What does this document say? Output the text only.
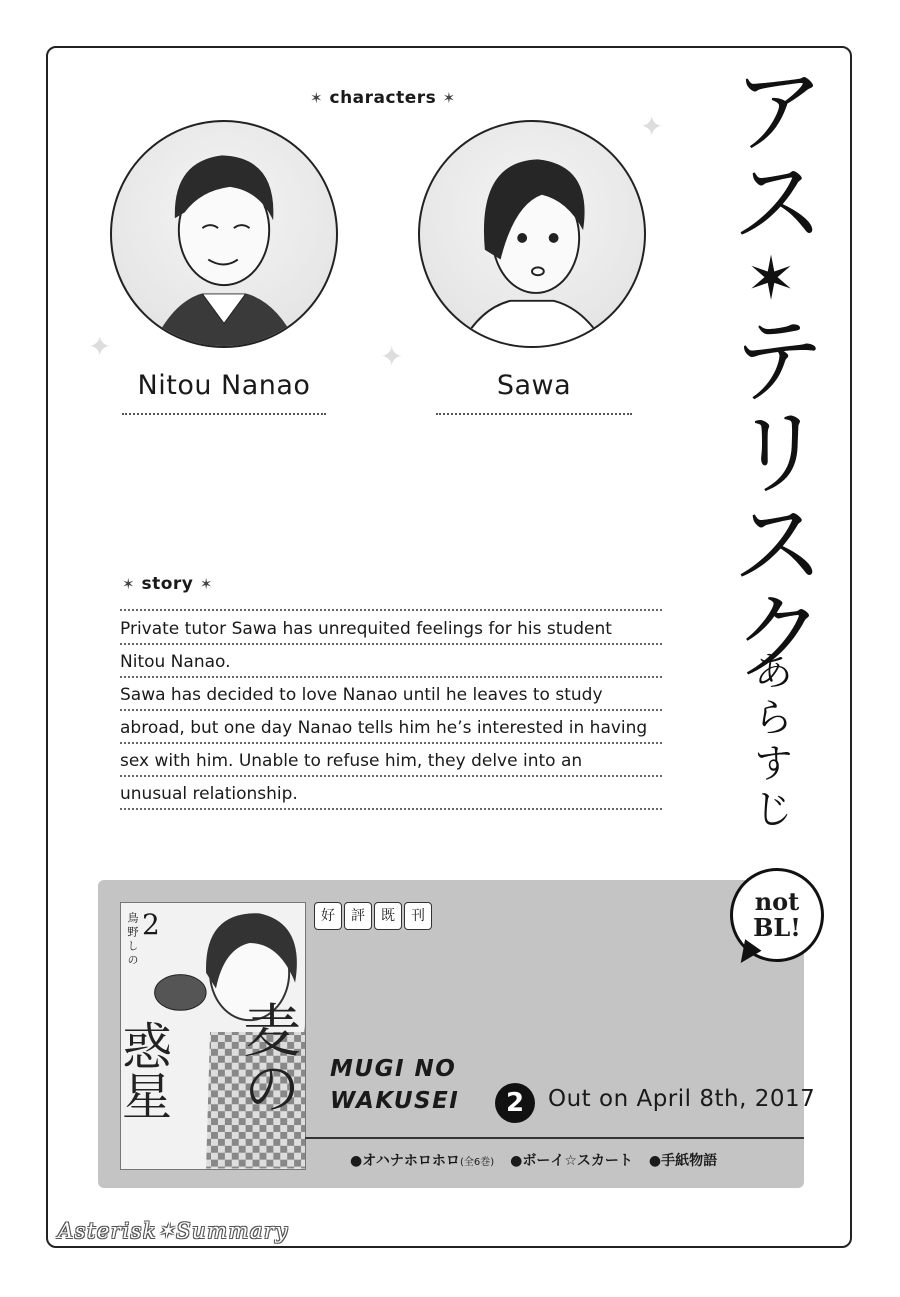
✦
✦	✦
✶ characters ✶
Nitou Nanao	Sawa
✶ story ✶
Private tutor Sawa has unrequited feelings for his student
Nitou Nanao.
Sawa has decided to love Nanao until he leaves to study
abroad, but one day Nanao tells him he’s interested in having
sex with him. Unable to refuse him, they delve into an
unusual relationship.
アス✶テリスク
あらすじ
2
鳥野しの
惑星 麦の
好	評	既	刊	not
BL!
MUGI NO
WAKUSEI	2	Out on April 8th, 2017
●オハナホロホロ(全6巻) ●ボーイ☆スカート ●手紙物語
Asterisk✶Summary
